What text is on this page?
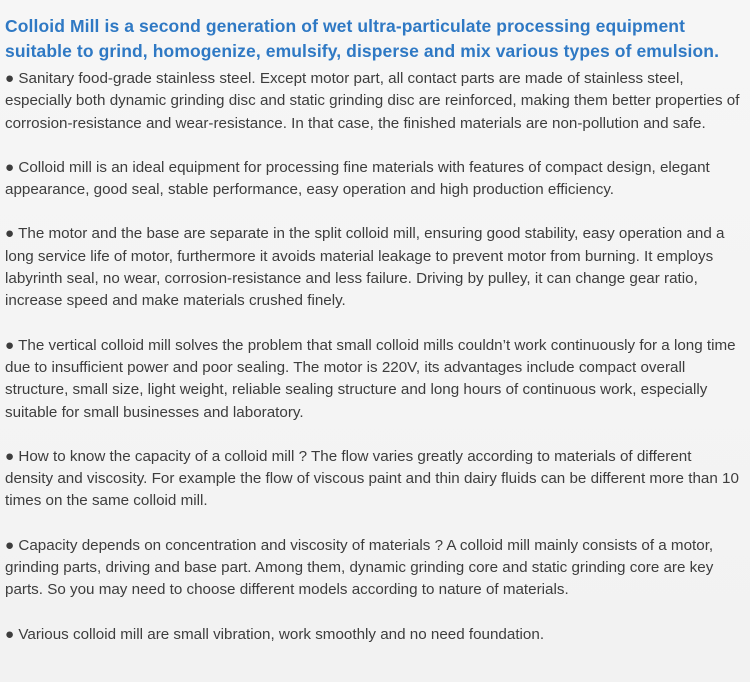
Colloid Mill is a second generation of wet ultra-particulate processing equipment suitable to grind, homogenize, emulsify, disperse and mix various types of emulsion.

● Sanitary food-grade stainless steel. Except motor part, all contact parts are made of stainless steel, especially both dynamic grinding disc and static grinding disc are reinforced, making them better properties of corrosion-resistance and wear-resistance. In that case, the finished materials are non-pollution and safe.

● Colloid mill is an ideal equipment for processing fine materials with features of compact design, elegant appearance, good seal, stable performance, easy operation and high production efficiency.

● The motor and the base are separate in the split colloid mill, ensuring good stability, easy operation and a long service life of motor, furthermore it avoids material leakage to prevent motor from burning. It employs labyrinth seal, no wear, corrosion-resistance and less failure. Driving by pulley, it can change gear ratio, increase speed and make materials crushed finely.

● The vertical colloid mill solves the problem that small colloid mills couldn’t work continuously for a long time due to insufficient power and poor sealing. The motor is 220V, its advantages include compact overall structure, small size, light weight, reliable sealing structure and long hours of continuous work, especially suitable for small businesses and laboratory.

● How to know the capacity of a colloid mill ? The flow varies greatly according to materials of different density and viscosity. For example the flow of viscous paint and thin dairy fluids can be different more than 10 times on the same colloid mill.

● Capacity depends on concentration and viscosity of materials ? A colloid mill mainly consists of a motor, grinding parts, driving and base part. Among them, dynamic grinding core and static grinding core are key parts. So you may need to choose different models according to nature of materials.

● Various colloid mill are small vibration, work smoothly and no need foundation.
